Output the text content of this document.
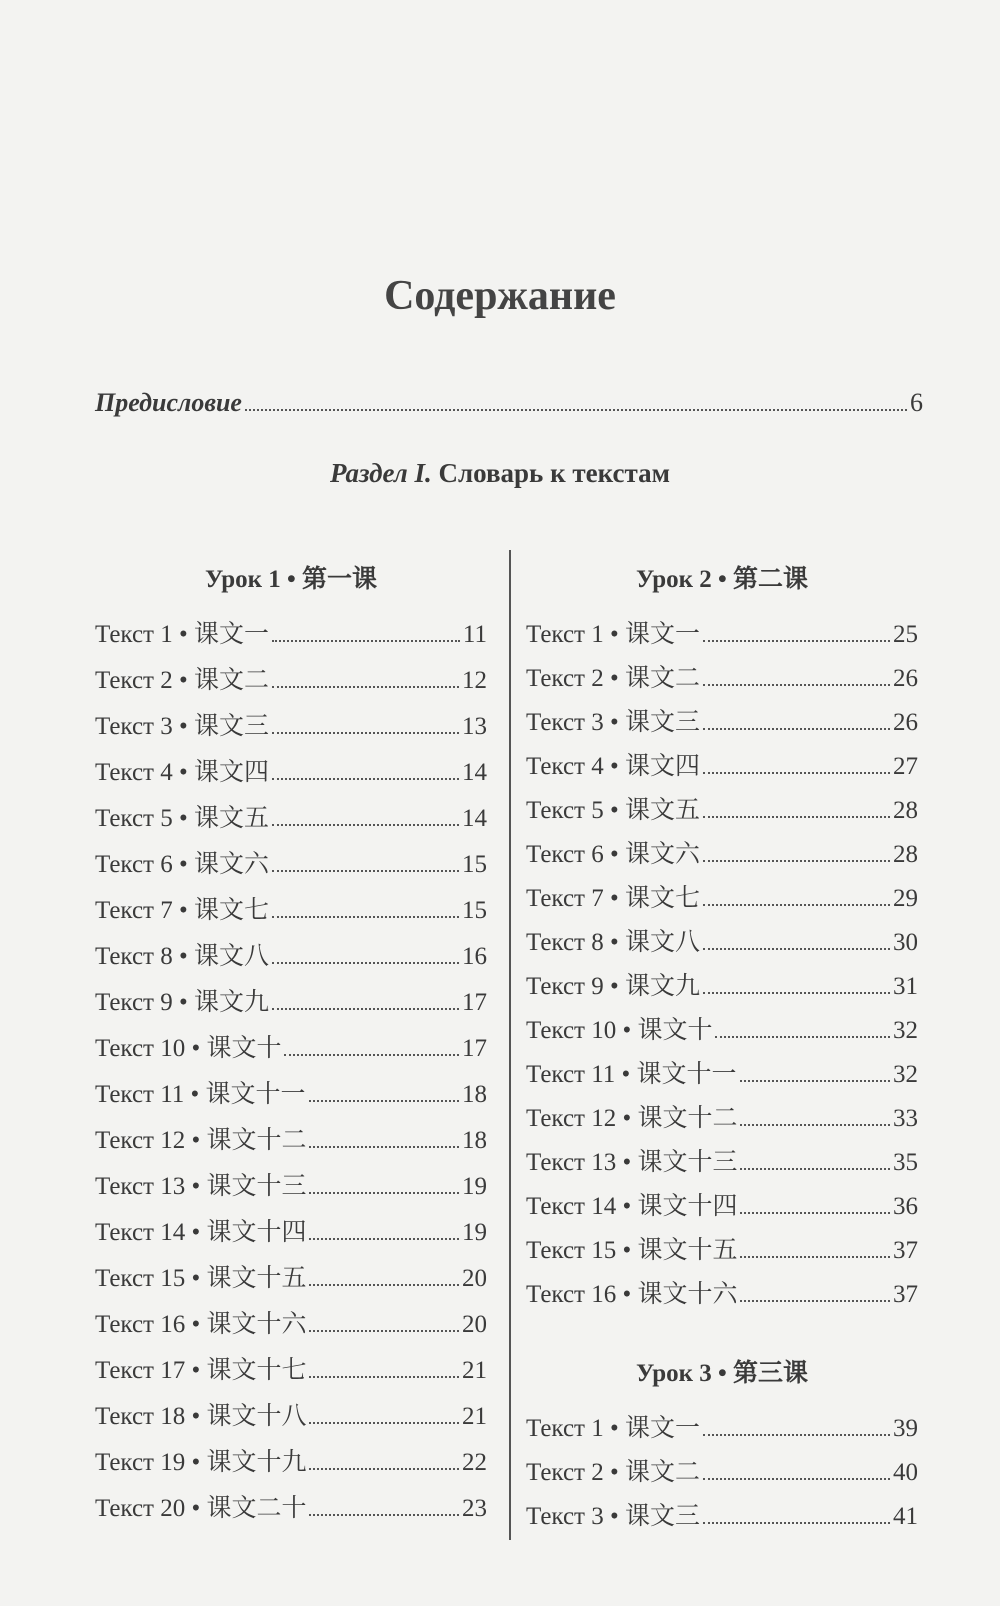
Содержание
Предисловие	6
Раздел I. Словарь к текстам
Урок 1 • 第一课
Текст 1 • 课文一	11
Текст 2 • 课文二	12
Текст 3 • 课文三	13
Текст 4 • 课文四	14
Текст 5 • 课文五	14
Текст 6 • 课文六	15
Текст 7 • 课文七	15
Текст 8 • 课文八	16
Текст 9 • 课文九	17
Текст 10 • 课文十	17
Текст 11 • 课文十一	18
Текст 12 • 课文十二	18
Текст 13 • 课文十三	19
Текст 14 • 课文十四	19
Текст 15 • 课文十五	20
Текст 16 • 课文十六	20
Текст 17 • 课文十七	21
Текст 18 • 课文十八	21
Текст 19 • 课文十九	22
Текст 20 • 课文二十	23
Урок 2 • 第二课
Текст 1 • 课文一	25
Текст 2 • 课文二	26
Текст 3 • 课文三	26
Текст 4 • 课文四	27
Текст 5 • 课文五	28
Текст 6 • 课文六	28
Текст 7 • 课文七	29
Текст 8 • 课文八	30
Текст 9 • 课文九	31
Текст 10 • 课文十	32
Текст 11 • 课文十一	32
Текст 12 • 课文十二	33
Текст 13 • 课文十三	35
Текст 14 • 课文十四	36
Текст 15 • 课文十五	37
Текст 16 • 课文十六	37
Урок 3 • 第三课
Текст 1 • 课文一	39
Текст 2 • 课文二	40
Текст 3 • 课文三	41
